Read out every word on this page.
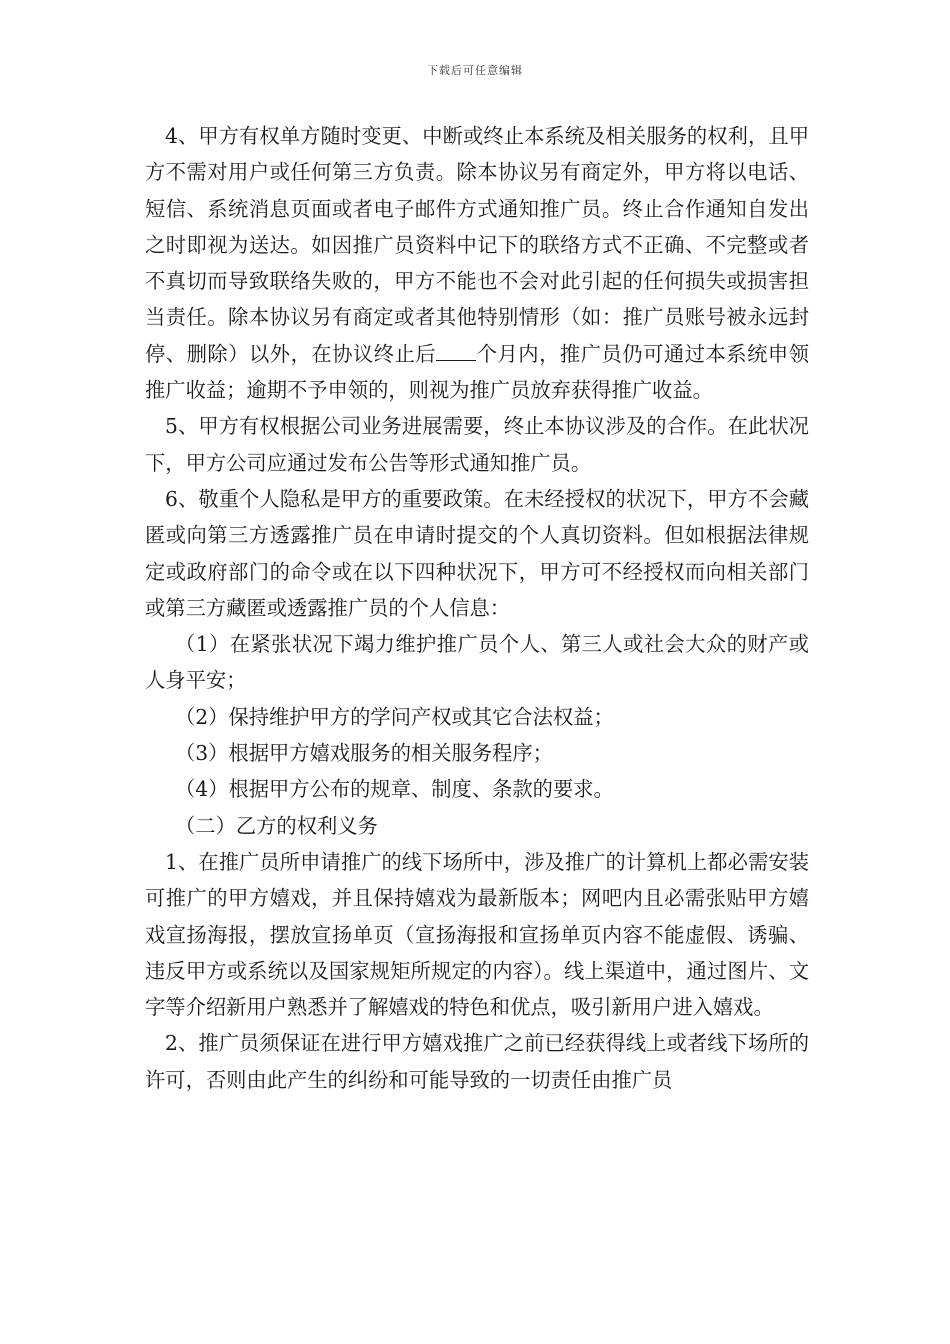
下载后可任意编辑

4、甲方有权单方随时变更、中断或终止本系统及相关服务的权利，且甲方不需对用户或任何第三方负责。除本协议另有商定外，甲方将以电话、短信、系统消息页面或者电子邮件方式通知推广员。终止合作通知自发出之时即视为送达。如因推广员资料中记下的联络方式不正确、不完整或者不真切而导致联络失败的，甲方不能也不会对此引起的任何损失或损害担当责任。除本协议另有商定或者其他特别情形（如：推广员账号被永远封停、删除）以外，在协议终止后 个月内，推广员仍可通过本系统申领推广收益；逾期不予申领的，则视为推广员放弃获得推广收益。

5、甲方有权根据公司业务进展需要，终止本协议涉及的合作。在此状况下，甲方公司应通过发布公告等形式通知推广员。

6、敬重个人隐私是甲方的重要政策。在未经授权的状况下，甲方不会藏匿或向第三方透露推广员在申请时提交的个人真切资料。但如根据法律规定或政府部门的命令或在以下四种状况下，甲方可不经授权而向相关部门或第三方藏匿或透露推广员的个人信息：

（1）在紧张状况下竭力维护推广员个人、第三人或社会大众的财产或人身平安；

（2）保持维护甲方的学问产权或其它合法权益；

（3）根据甲方嬉戏服务的相关服务程序；

（4）根据甲方公布的规章、制度、条款的要求。

（二）乙方的权利义务

1、在推广员所申请推广的线下场所中，涉及推广的计算机上都必需安装可推广的甲方嬉戏，并且保持嬉戏为最新版本；网吧内且必需张贴甲方嬉戏宣扬海报，摆放宣扬单页（宣扬海报和宣扬单页内容不能虚假、诱骗、违反甲方或系统以及国家规矩所规定的内容）。线上渠道中，通过图片、文字等介绍新用户熟悉并了解嬉戏的特色和优点，吸引新用户进入嬉戏。

2、推广员须保证在进行甲方嬉戏推广之前已经获得线上或者线下场所的许可，否则由此产生的纠纷和可能导致的一切责任由推广员
